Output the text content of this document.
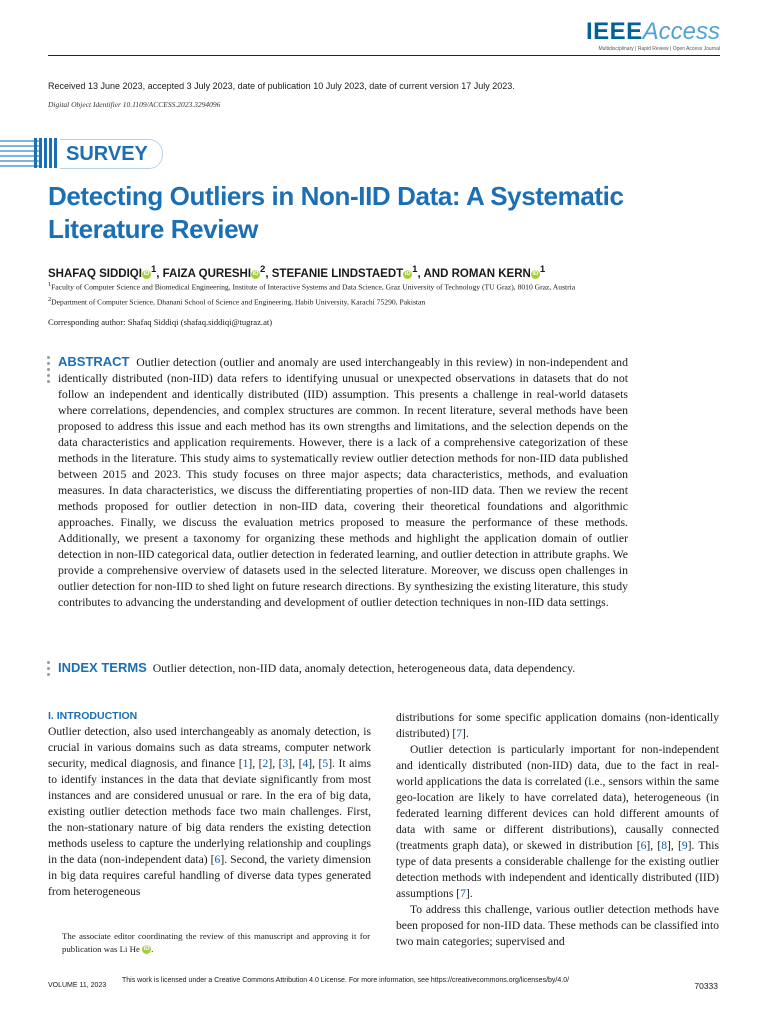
IEEEAccess
Multidisciplinary | Rapid Review | Open Access Journal
Received 13 June 2023, accepted 3 July 2023, date of publication 10 July 2023, date of current version 17 July 2023.
Digital Object Identifier 10.1109/ACCESS.2023.3294096
SURVEY
Detecting Outliers in Non-IID Data: A Systematic Literature Review
SHAFAQ SIDDIQI iD $^1$, FAIZA QURESHI iD $^2$, STEFANIE LINDSTAEDT iD $^1$, AND ROMAN KERN iD $^1$
$^1$Faculty of Computer Science and Biomedical Engineering, Institute of Interactive Systems and Data Science, Graz University of Technology (TU Graz), 8010 Graz, Austria
$^2$Department of Computer Science, Dhanani School of Science and Engineering, Habib University, Karachi 75290, Pakistan
Corresponding author: Shafaq Siddiqi (shafaq.siddiqi@tugraz.at)
ABSTRACT Outlier detection (outlier and anomaly are used interchangeably in this review) in non-independent and identically distributed (non-IID) data refers to identifying unusual or unexpected observations in datasets that do not follow an independent and identically distributed (IID) assumption. This presents a challenge in real-world datasets where correlations, dependencies, and complex structures are common. In recent literature, several methods have been proposed to address this issue and each method has its own strengths and limitations, and the selection depends on the data characteristics and application requirements. However, there is a lack of a comprehensive categorization of these methods in the literature. This study aims to systematically review outlier detection methods for non-IID data published between 2015 and 2023. This study focuses on three major aspects; data characteristics, methods, and evaluation measures. In data characteristics, we discuss the differentiating properties of non-IID data. Then we review the recent methods proposed for outlier detection in non-IID data, covering their theoretical foundations and algorithmic approaches. Finally, we discuss the evaluation metrics proposed to measure the performance of these methods. Additionally, we present a taxonomy for organizing these methods and highlight the application domain of outlier detection in non-IID categorical data, outlier detection in federated learning, and outlier detection in attribute graphs. We provide a comprehensive overview of datasets used in the selected literature. Moreover, we discuss open challenges in outlier detection for non-IID to shed light on future research directions. By synthesizing the existing literature, this study contributes to advancing the understanding and development of outlier detection techniques in non-IID data settings.
INDEX TERMS Outlier detection, non-IID data, anomaly detection, heterogeneous data, data dependency.
I. INTRODUCTION

Outlier detection, also used interchangeably as anomaly detection, is crucial in various domains such as data streams, computer network security, medical diagnosis, and finance [1], [2], [3], [4], [5]. It aims to identify instances in the data that deviate significantly from most instances and are considered unusual or rare. In the era of big data, existing outlier detection methods face two main challenges. First, the non-stationary nature of big data renders the existing detection methods useless to capture the underlying relationship and couplings in the data (non-independent data) [6]. Second, the variety dimension in big data requires careful handling of diverse data types generated from heterogeneous

The associate editor coordinating the review of this manuscript and approving it for publication was Li He iD .

distributions for some specific application domains (non-identically distributed) [7].

Outlier detection is particularly important for non-independent and identically distributed (non-IID) data, due to the fact in real-world applications the data is correlated (i.e., sensors within the same geo-location are likely to have correlated data), heterogeneous (in federated learning different devices can hold different amounts of data with same or different distributions), causally connected (treatments graph data), or skewed in distribution [6], [8], [9]. This type of data presents a considerable challenge for the existing outlier detection methods with independent and identically distributed (IID) assumptions [7].

To address this challenge, various outlier detection methods have been proposed for non-IID data. These methods can be classified into two main categories; supervised and

VOLUME 11, 2023
This work is licensed under a Creative Commons Attribution 4.0 License. For more information, see https://creativecommons.org/licenses/by/4.0/
70333
